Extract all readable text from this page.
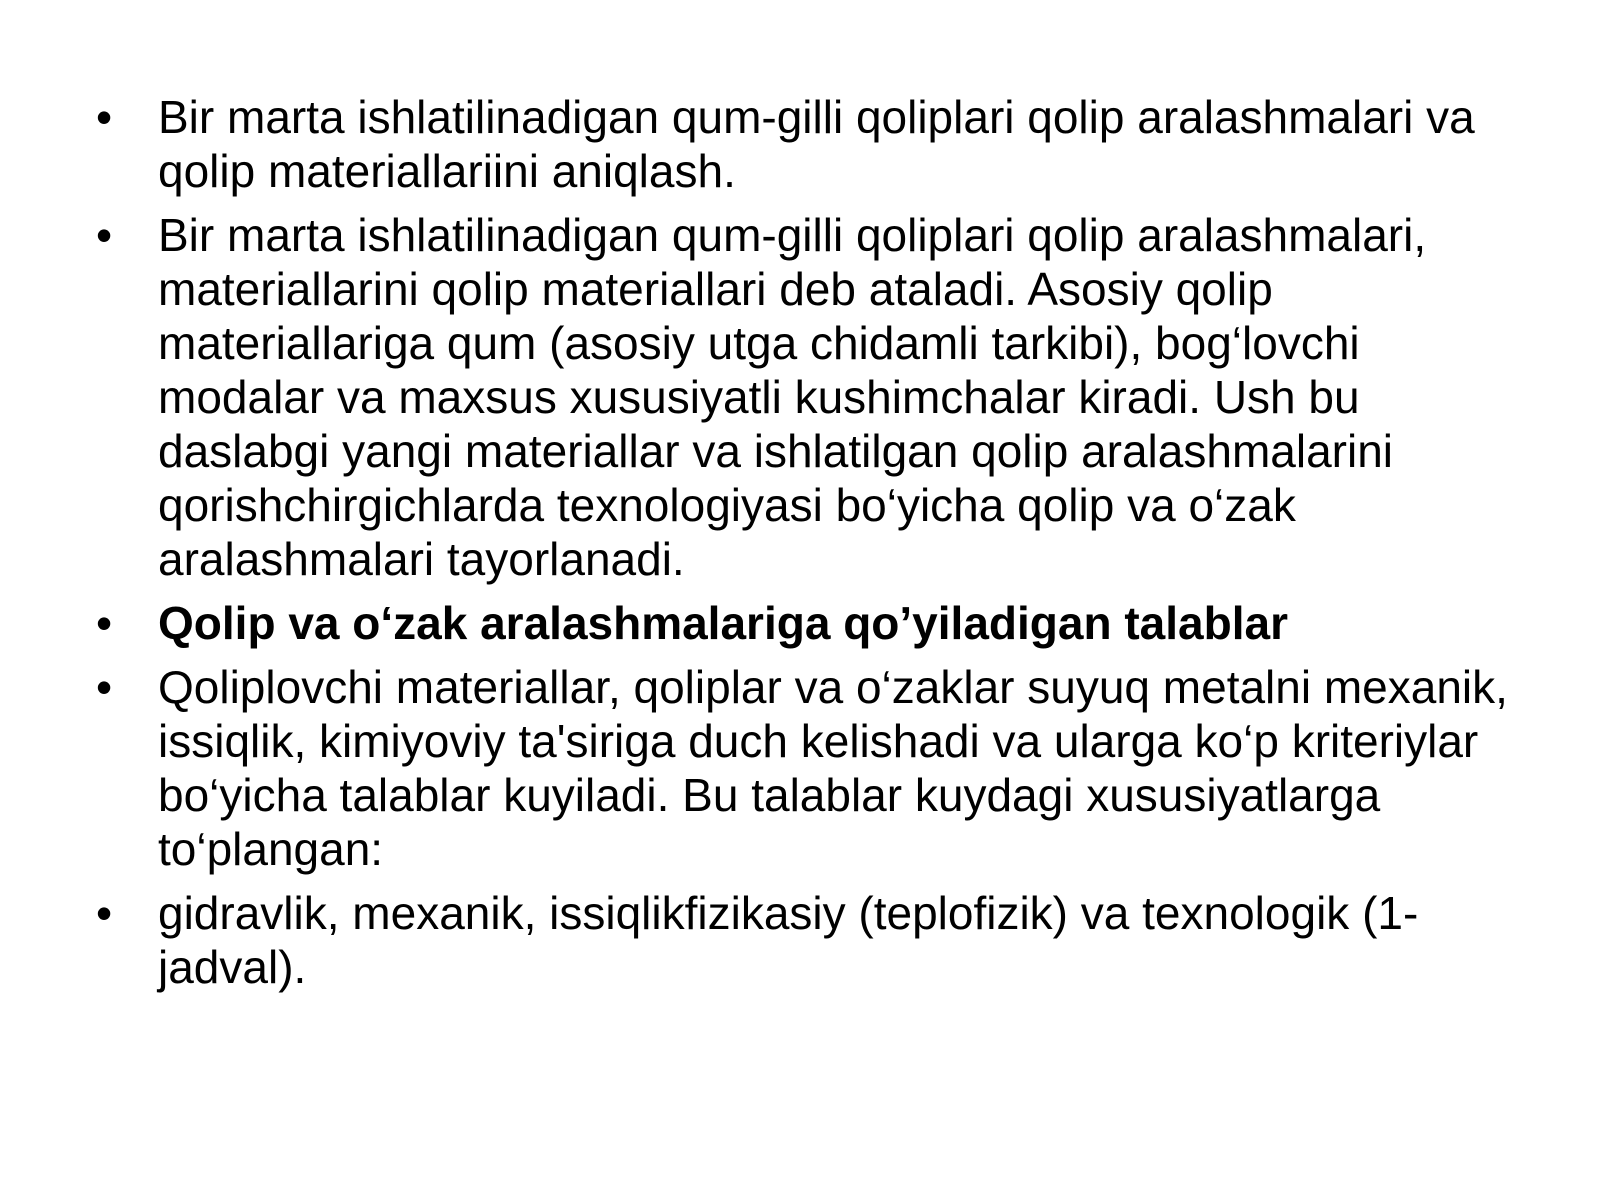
• Bir marta ishlatilinadigan qum-gilli qoliplari qolip aralashmalari va qolip materiallariini aniqlash.
• Bir marta ishlatilinadigan qum-gilli qoliplari qolip aralashmalari, materiallarini qolip materiallari deb ataladi. Asosiy qolip materiallariga qum (asosiy utga chidamli tarkibi), bog‘lovchi modalar va maxsus xususiyatli kushimchalar kiradi. Ush bu daslabgi yangi materiallar va ishlatilgan qolip aralashmalarini qorishchirgichlarda texnologiyasi bo‘yicha qolip va o‘zak aralashmalari tayorlanadi.
• Qolip va o‘zak aralashmalariga qo’yiladigan talablar
• Qoliplovchi materiallar, qoliplar va o‘zaklar suyuq metalni mexanik, issiqlik, kimiyoviy ta'siriga duch kelishadi va ularga ko‘p kriteriylar bo‘yicha talablar kuyiladi. Bu talablar kuydagi xususiyatlarga to‘plangan:
• gidravlik, mexanik, issiqlikfizikasiy (teplofizik) va texnologik (1-jadval).
